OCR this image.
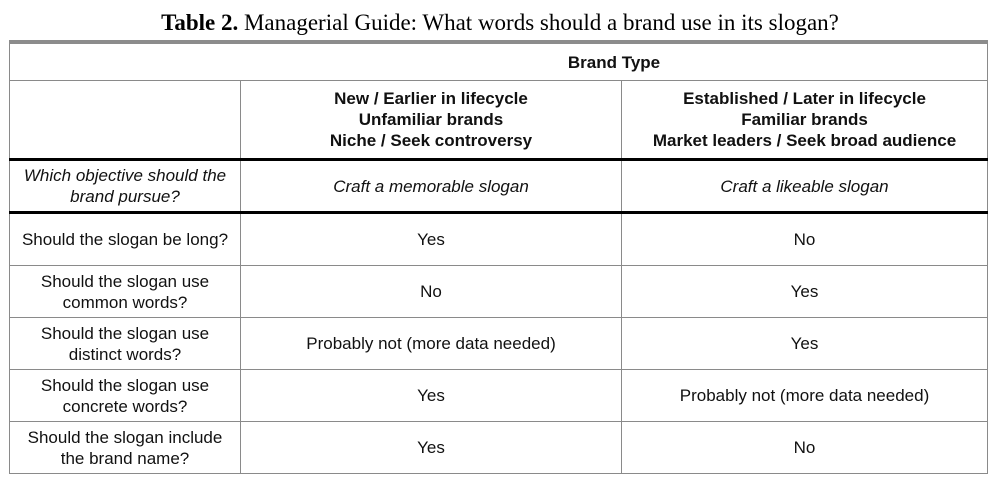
Table 2. Managerial Guide: What words should a brand use in its slogan?
	Brand Type	

	New / Earlier in lifecycle
Unfamiliar brands
Niche / Seek controversy	Established / Later in lifecycle
Familiar brands
Market leaders / Seek broad audience

Which objective should the brand pursue?	Craft a memorable slogan	Craft a likeable slogan
Should the slogan be long?	Yes	No
Should the slogan use common words?	No	Yes
Should the slogan use distinct words?	Probably not (more data needed)	Yes
Should the slogan use concrete words?	Yes	Probably not (more data needed)
Should the slogan include the brand name?	Yes	No
